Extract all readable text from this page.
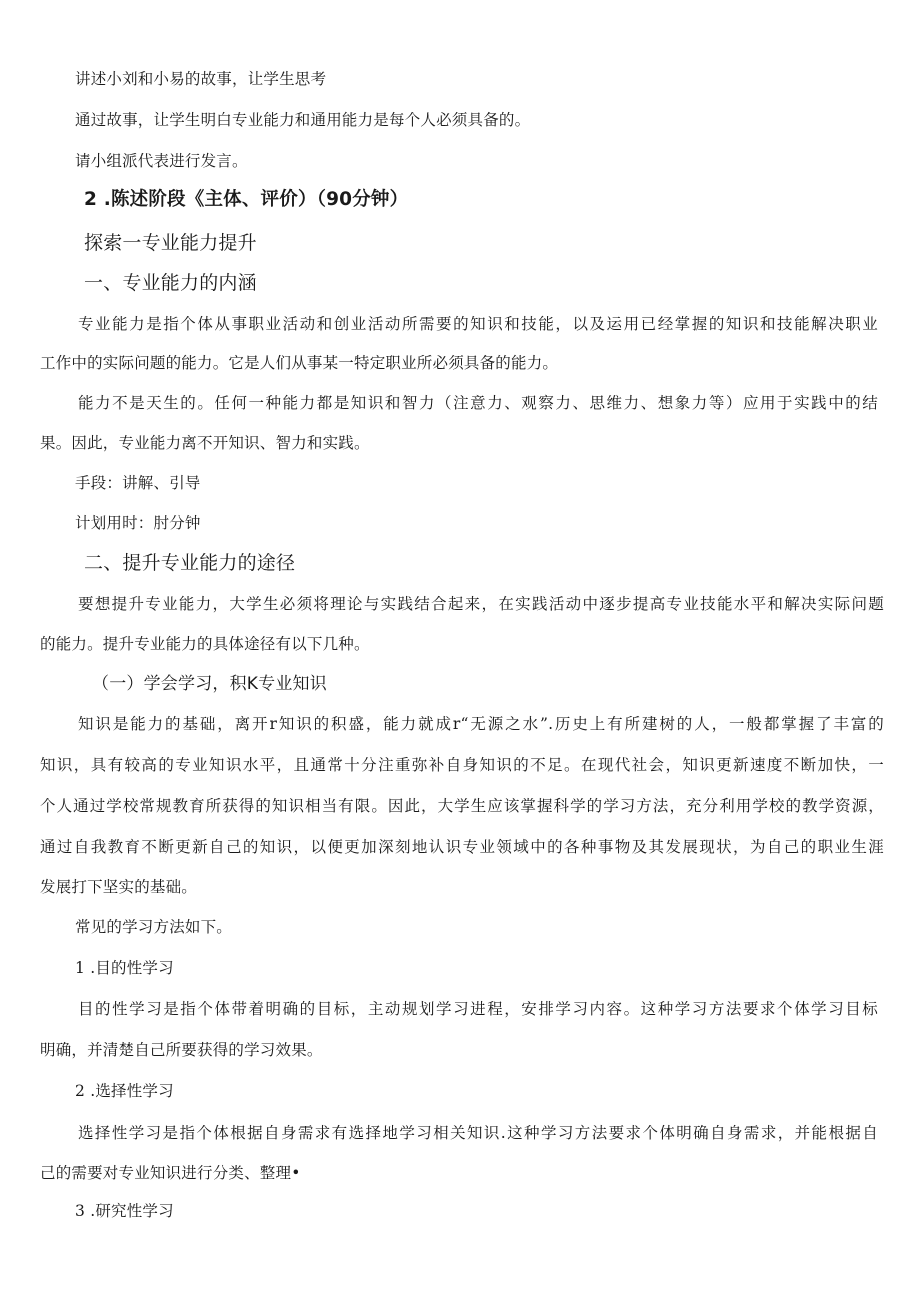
讲述小刘和小易的故事，让学生思考
通过故事，让学生明白专业能力和通用能力是每个人必须具备的。
请小组派代表进行发言。
2 .陈述阶段《主体、评价）（90分钟）
探索一专业能力提升
一、专业能力的内涵
专业能力是指个体从事职业活动和创业活动所需要的知识和技能，以及运用已经掌握的知识和技能解决职业
工作中的实际问题的能力。它是人们从事某一特定职业所必须具备的能力。
能力不是天生的。任何一种能力都是知识和智力（注意力、观察力、思维力、想象力等）应用于实践中的结
果。因此，专业能力离不开知识、智力和实践。
手段：讲解、引导
计划用时：肘分钟
二、提升专业能力的途径
要想提升专业能力，大学生必须将理论与实践结合起来，在实践活动中逐步提高专业技能水平和解决实际问题
的能力。提升专业能力的具体途径有以下几种。
（一）学会学习，积K专业知识
知识是能力的基础，离开r知识的积盛，能力就成r“无源之水”.历史上有所建树的人，一般都掌握了丰富的
知识，具有较高的专业知识水平，且通常十分注重弥补自身知识的不足。在现代社会，知识更新速度不断加快，一
个人通过学校常规教育所获得的知识相当有限。因此，大学生应该掌握科学的学习方法，充分利用学校的教学资源，
通过自我教育不断更新自己的知识，以便更加深刻地认识专业领域中的各种事物及其发展现状，为自己的职业生涯
发展打下坚实的基础。
常见的学习方法如下。
1 .目的性学习
目的性学习是指个体带着明确的目标，主动规划学习进程，安排学习内容。这种学习方法要求个体学习目标
明确，并清楚自己所要获得的学习效果。
2 .选择性学习
选择性学习是指个体根据自身需求有选择地学习相关知识.这种学习方法要求个体明确自身需求，并能根据自
己的需要对专业知识进行分类、整理•
3 .研究性学习
